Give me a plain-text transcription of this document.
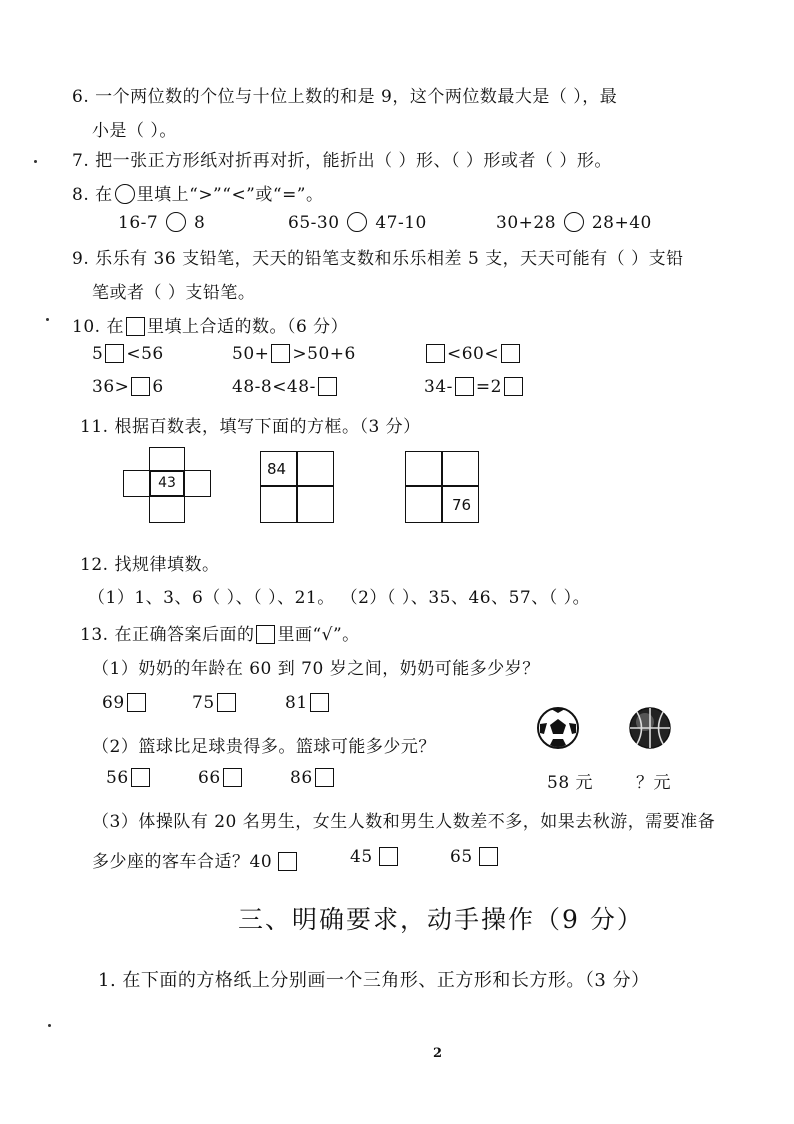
6. 一个两位数的个位与十位上数的和是 9，这个两位数最大是（ ），最
小是（ ）。
7. 把一张正方形纸对折再对折，能折出（ ）形、（ ）形或者（ ）形。
8. 在 里填上“>”“<”或“=”。
16-7 8	65-30 47-10	30+28 28+40
9. 乐乐有 36 支铅笔，天天的铅笔支数和乐乐相差 5 支，天天可能有（ ）支铅
笔或者（ ）支铅笔。
10. 在 里填上合适的数。（6 分）
5 <56	50+ >50+6	<60<
36> 6	48-8<48-	34- =2
11. 根据百数表，填写下面的方框。（3 分）
43
84
76
12. 找规律填数。
（1）1、3、6（ ）、（ ）、21。 （2）（ ）、35、46、57、（ ）。
13. 在正确答案后面的 里画“√”。
（1）奶奶的年龄在 60 到 70 岁之间，奶奶可能多少岁？
69	75	81
（2）篮球比足球贵得多。篮球可能多少元？
56	66	86	58 元	？元
（3）体操队有 20 名男生，女生人数和男生人数差不多，如果去秋游，需要准备
多少座的客车合适？40	45	65
三、明确要求，动手操作（9 分）
1. 在下面的方格纸上分别画一个三角形、正方形和长方形。（3 分）
2
